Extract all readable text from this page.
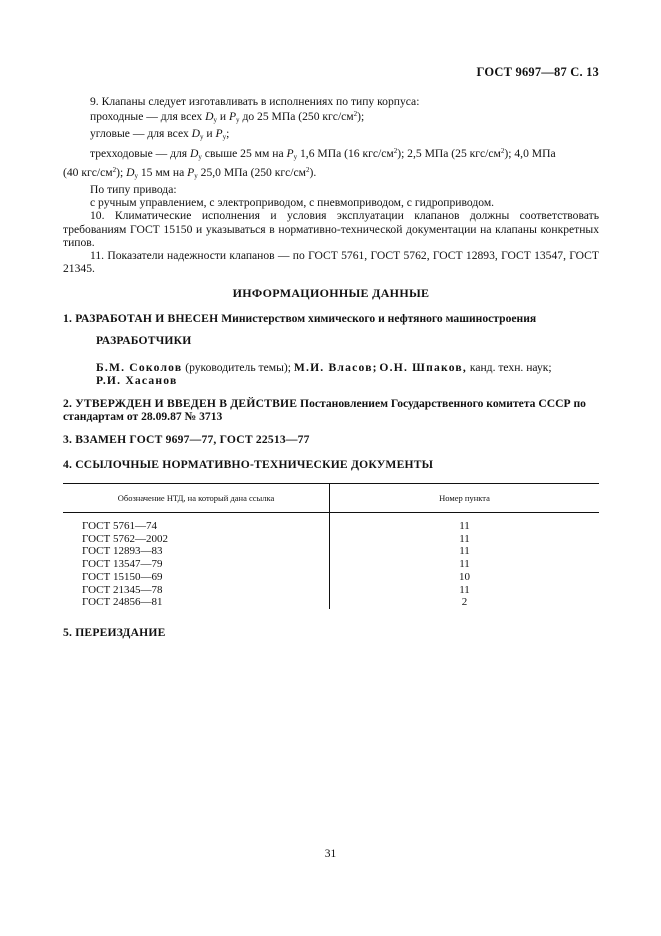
ГОСТ 9697—87 С. 13

9. Клапаны следует изготавливать в исполнениях по типу корпуса:

проходные — для всех $D_y$ и $P_y$ до 25 МПа (250 кгс/$см^2$);

угловые — для всех $D_y$ и $P_y$;

трехходовые — для $D_y$ свыше 25 мм на $P_y$ 1,6 МПа (16 кгс/$см^2$); 2,5 МПа (25 кгс/$см^2$); 4,0 МПа

(40 кгс/$см^2$); $D_y$ 15 мм на $P_y$ 25,0 МПа (250 кгс/$см^2$).

По типу привода:

с ручным управлением, с электроприводом, с пневмоприводом, с гидроприводом.

10. Климатические исполнения и условия эксплуатации клапанов должны соответствовать требованиям ГОСТ 15150 и указываться в нормативно-технической документации на клапаны конкретных типов.

11. Показатели надежности клапанов — по ГОСТ 5761, ГОСТ 5762, ГОСТ 12893, ГОСТ 13547, ГОСТ 21345.

ИНФОРМАЦИОННЫЕ ДАННЫЕ
1. РАЗРАБОТАН И ВНЕСЕН Министерством химического и нефтяного машиностроения
РАЗРАБОТЧИКИ
Б.М. Соколов (руководитель темы); М.И. Власов; О.Н. Шпаков, канд. техн. наук;
Р.И. Хасанов
2. УТВЕРЖДЕН И ВВЕДЕН В ДЕЙСТВИЕ Постановлением Государственного комитета СССР по стандартам от 28.09.87 № 3713
3. ВЗАМЕН ГОСТ 9697—77, ГОСТ 22513—77
4. ССЫЛОЧНЫЕ НОРМАТИВНО-ТЕХНИЧЕСКИЕ ДОКУМЕНТЫ
Обозначение НТД, на который дана ссылка	Номер пункта
ГОСТ 5761—74	11
ГОСТ 5762—2002	11
ГОСТ 12893—83	11
ГОСТ 13547—79	11
ГОСТ 15150—69	10
ГОСТ 21345—78	11
ГОСТ 24856—81	2
5. ПЕРЕИЗДАНИЕ
31
